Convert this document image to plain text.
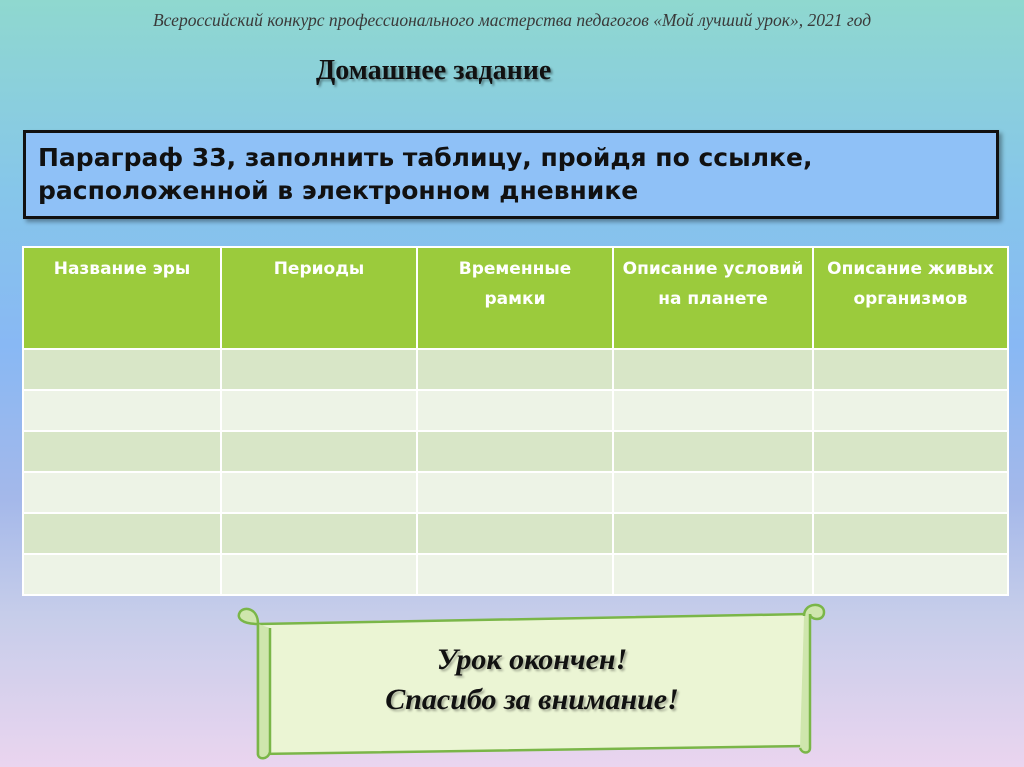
Всероссийский конкурс профессионального мастерства педагогов «Мой лучший урок», 2021 год
Домашнее задание
Параграф 33, заполнить таблицу, пройдя по ссылке,
расположенной в электронном дневнике
Название эры	Периоды	Временные рамки	Описание условий на планете	Описание живых организмов

Урок окончен!
Спасибо за внимание!
